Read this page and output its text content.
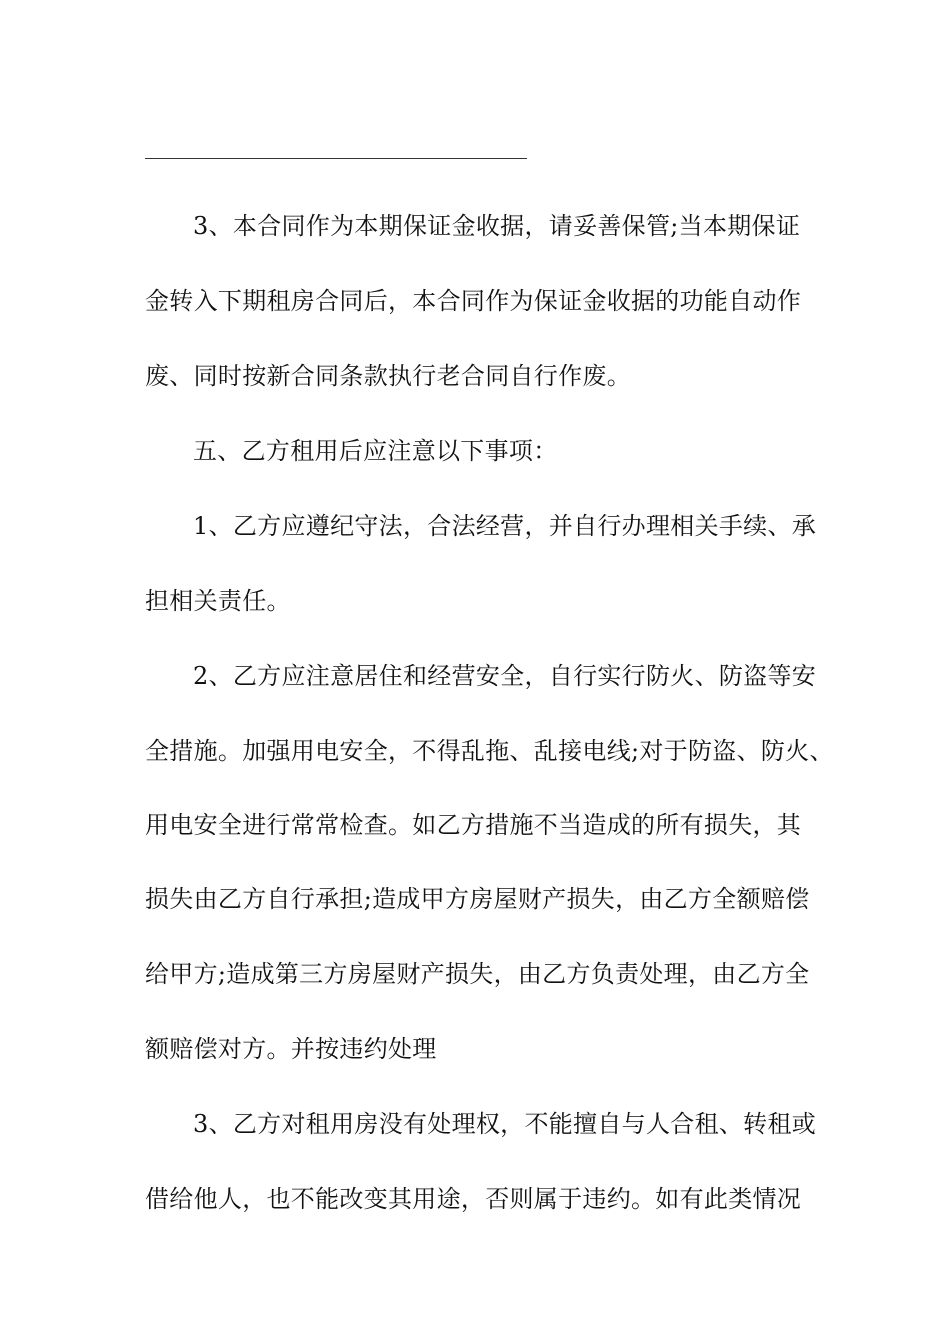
3、本合同作为本期保证金收据，请妥善保管;当本期保证
金转入下期租房合同后，本合同作为保证金收据的功能自动作
废、同时按新合同条款执行老合同自行作废。
五、乙方租用后应注意以下事项：
1、乙方应遵纪守法，合法经营，并自行办理相关手续、承
担相关责任。
2、乙方应注意居住和经营安全，自行实行防火、防盗等安
全措施。加强用电安全，不得乱拖、乱接电线;对于防盗、防火、
用电安全进行常常检查。如乙方措施不当造成的所有损失，其
损失由乙方自行承担;造成甲方房屋财产损失，由乙方全额赔偿
给甲方;造成第三方房屋财产损失，由乙方负责处理，由乙方全
额赔偿对方。并按违约处理
3、乙方对租用房没有处理权，不能擅自与人合租、转租或
借给他人，也不能改变其用途，否则属于违约。如有此类情况
